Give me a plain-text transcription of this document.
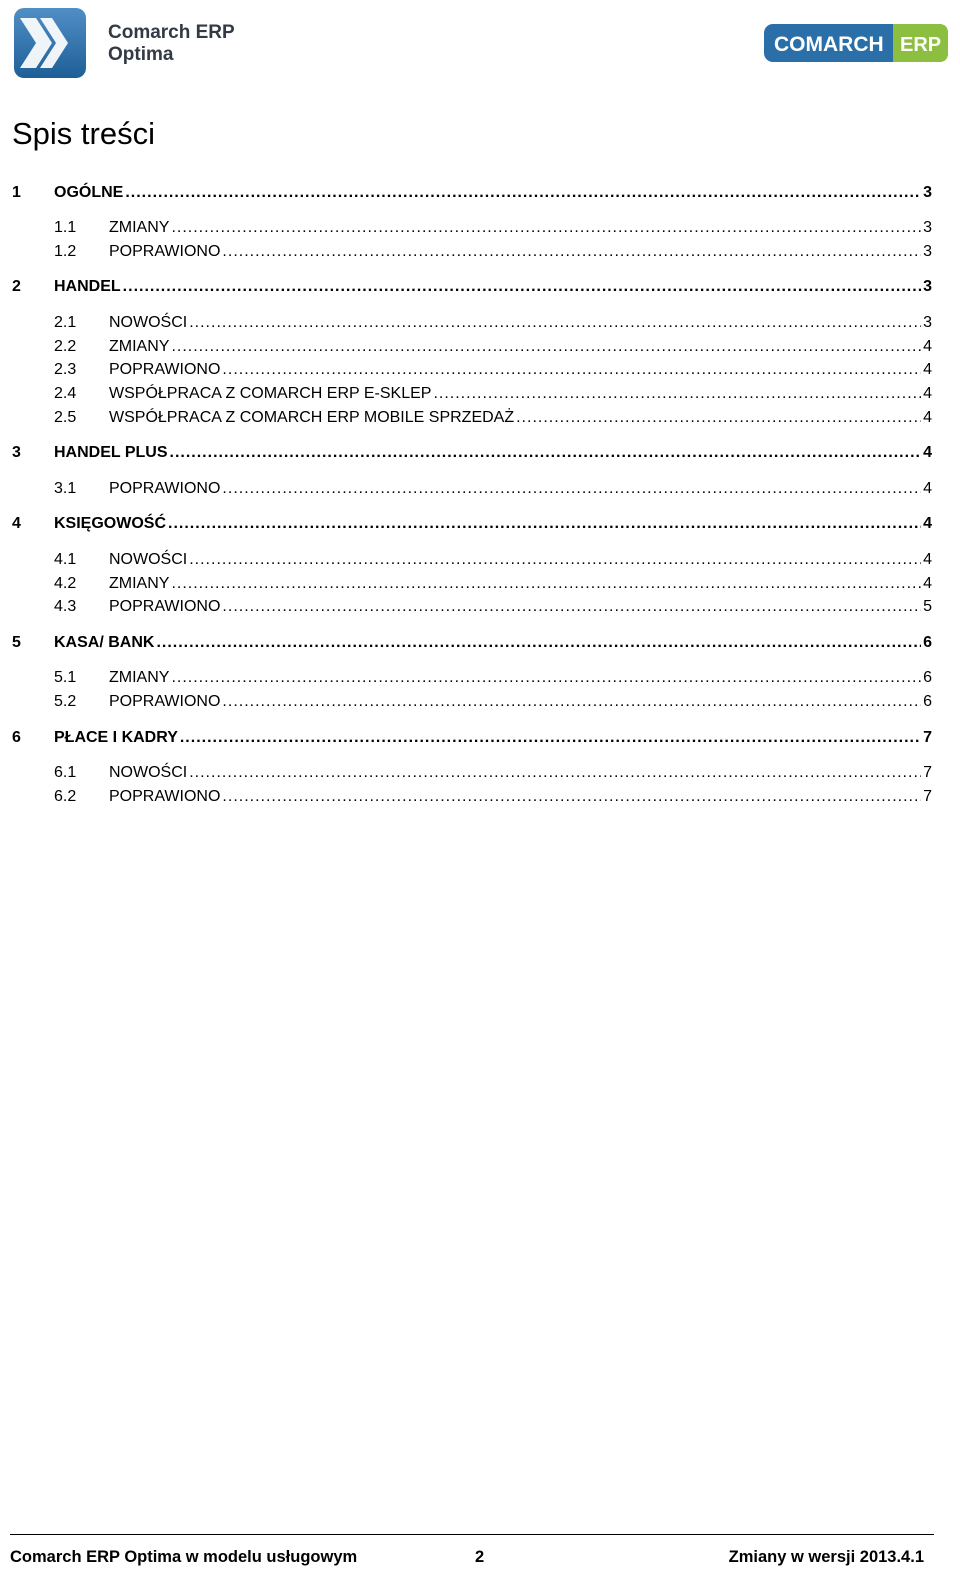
Comarch ERP
Optima	COMARCH ERP
Spis treści
1	OGÓLNE .....	3
1.1	ZMIANY .....	3
1.2	POPRAWIONO .....	3
2	HANDEL .....	3
2.1	NOWOŚCI .....	3
2.2	ZMIANY .....	4
2.3	POPRAWIONO .....	4
2.4	WSPÓŁPRACA Z COMARCH ERP E-SKLEP .....	4
2.5	WSPÓŁPRACA Z COMARCH ERP MOBILE SPRZEDAŻ .....	4
3	HANDEL PLUS .....	4
3.1	POPRAWIONO .....	4
4	KSIĘGOWOŚĆ .....	4
4.1	NOWOŚCI .....	4
4.2	ZMIANY .....	4
4.3	POPRAWIONO .....	5
5	KASA/ BANK .....	6
5.1	ZMIANY .....	6
5.2	POPRAWIONO .....	6
6	PŁACE I KADRY .....	7
6.1	NOWOŚCI .....	7
6.2	POPRAWIONO .....	7
Comarch ERP Optima w modelu usługowym	2	Zmiany w wersji 2013.4.1
